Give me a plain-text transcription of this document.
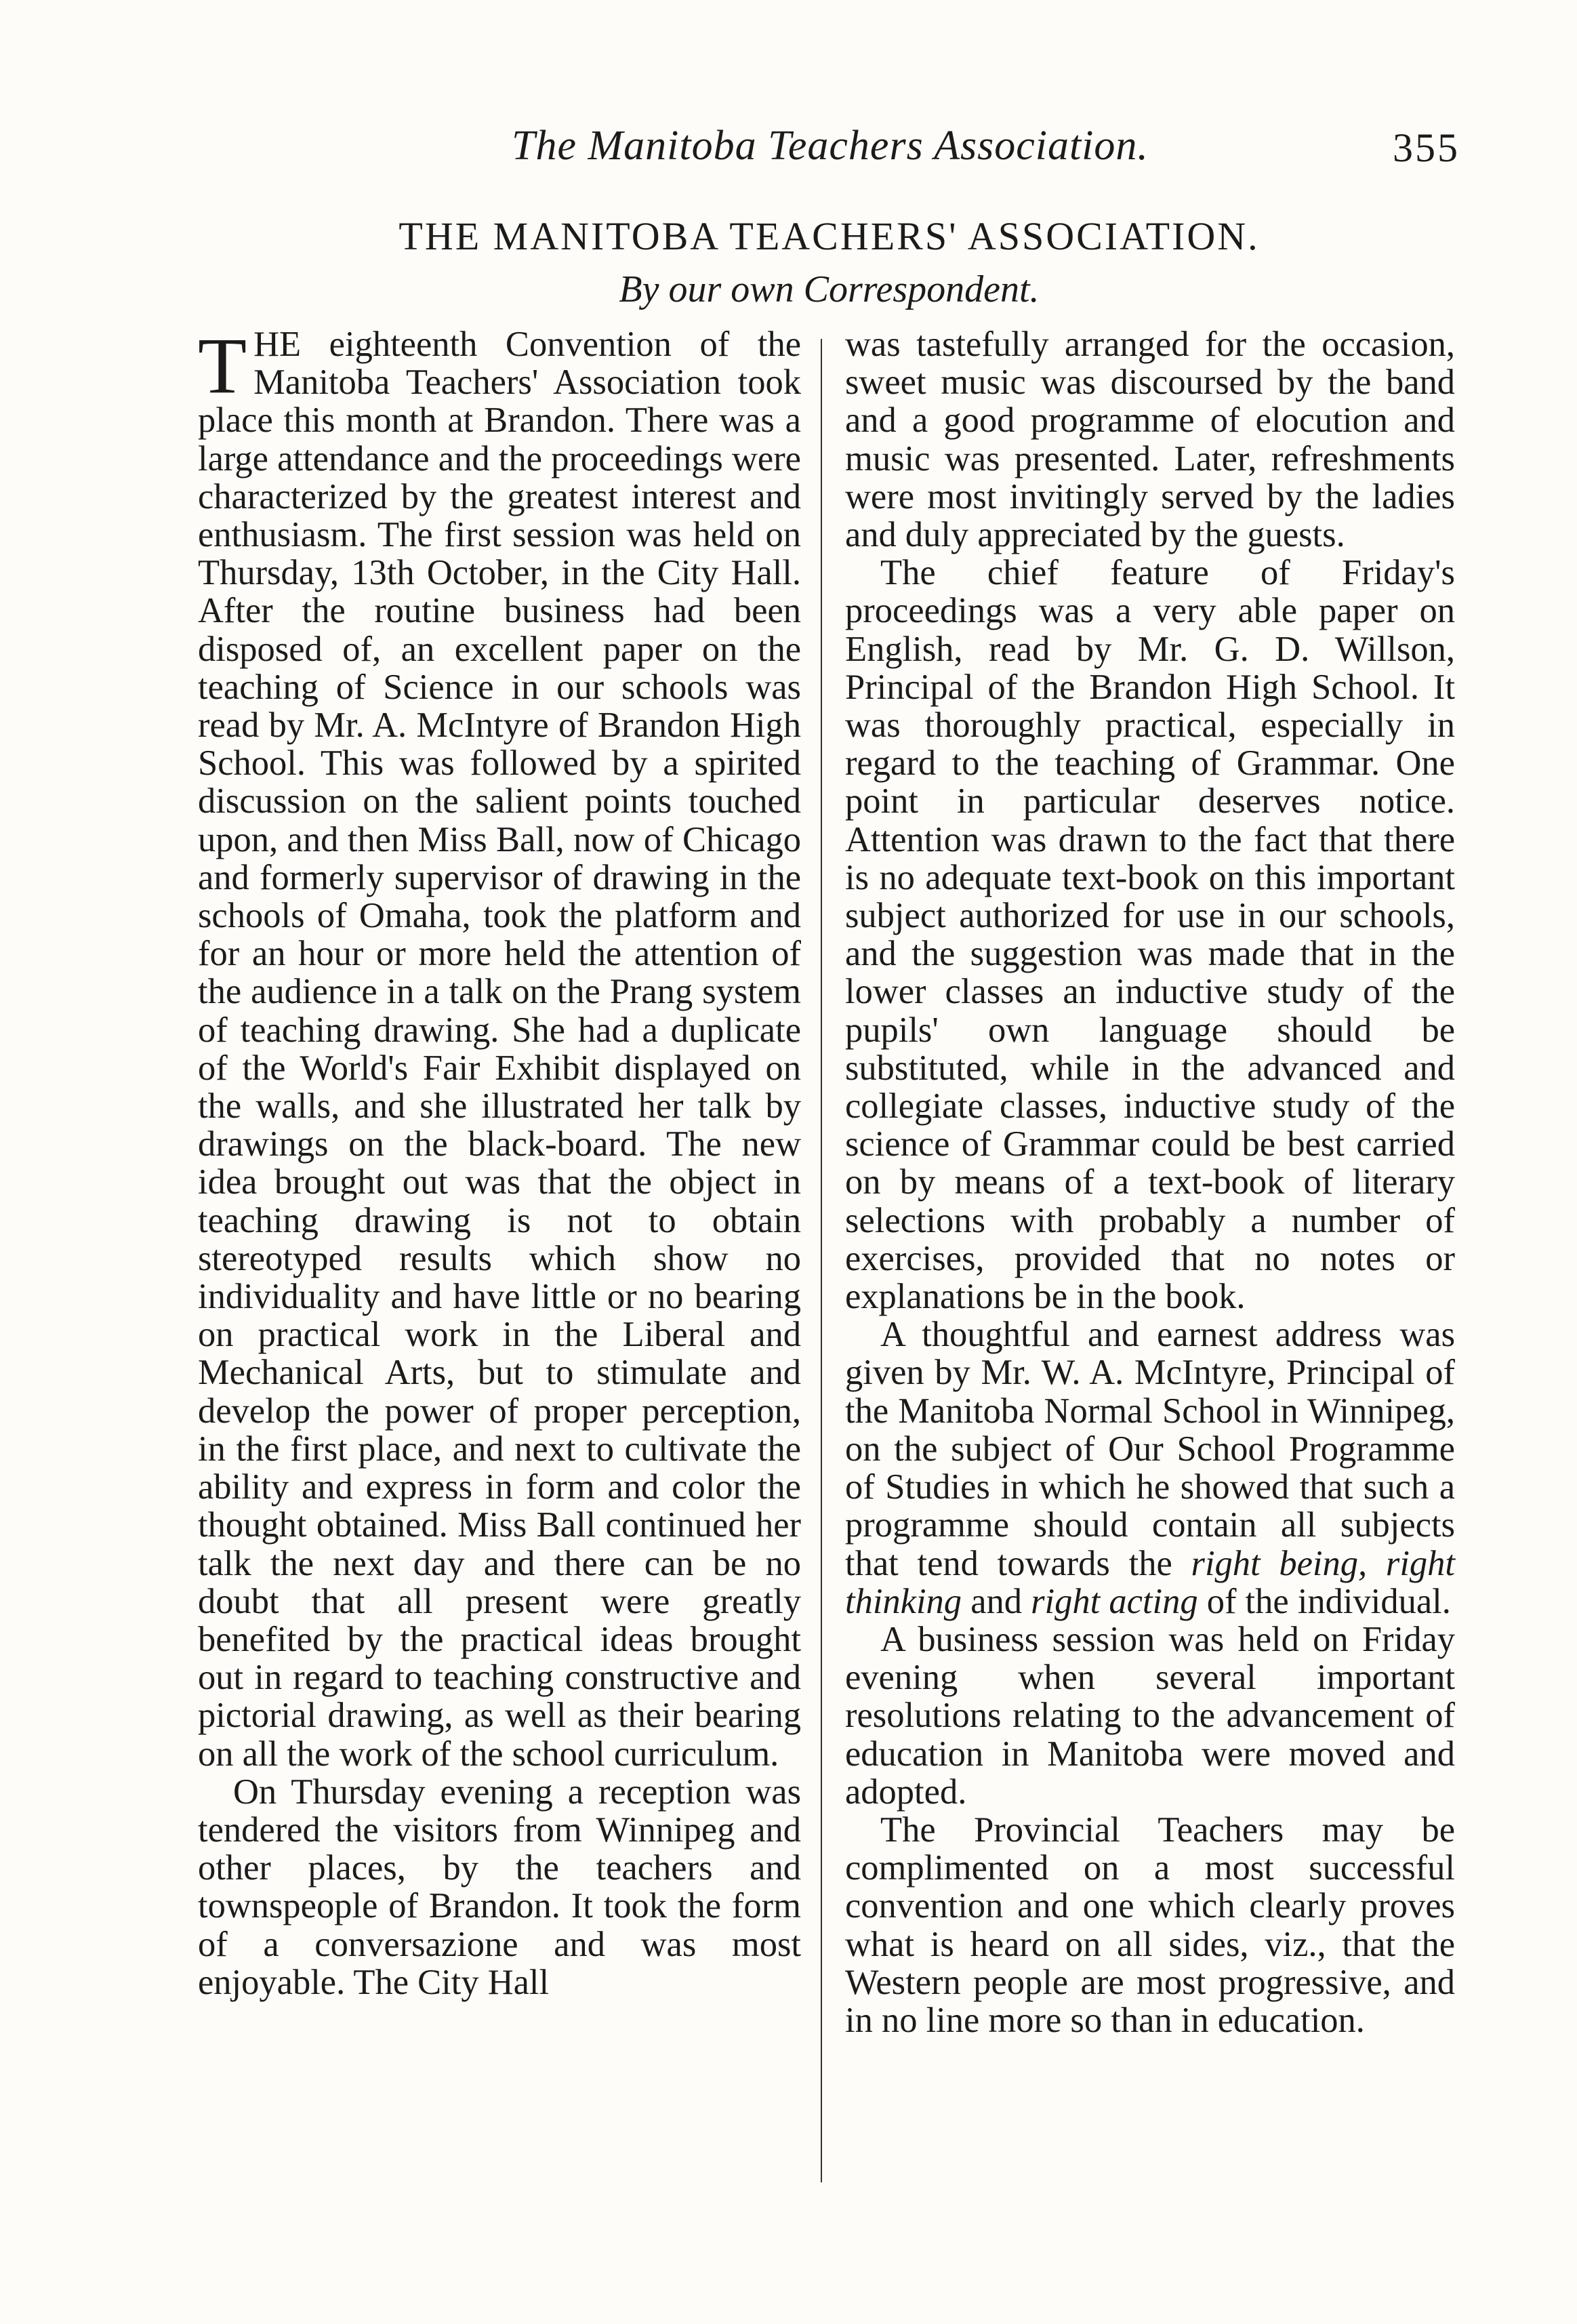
The Manitoba Teachers Association.	355
THE MANITOBA TEACHERS' ASSOCIATION.
By our own Correspondent.

THE eighteenth Convention of the Manitoba Teachers' Association took place this month at Brandon. There was a large attendance and the proceedings were characterized by the greatest interest and enthusiasm. The first session was held on Thursday, 13th October, in the City Hall. After the routine business had been disposed of, an excellent paper on the teaching of Science in our schools was read by Mr. A. McIntyre of Brandon High School. This was followed by a spirited discussion on the salient points touched upon, and then Miss Ball, now of Chicago and formerly supervisor of drawing in the schools of Omaha, took the platform and for an hour or more held the attention of the audience in a talk on the Prang system of teaching drawing. She had a duplicate of the World's Fair Exhibit displayed on the walls, and she illustrated her talk by drawings on the black-board. The new idea brought out was that the object in teaching drawing is not to obtain stereotyped results which show no individuality and have little or no bearing on practical work in the Liberal and Mechanical Arts, but to stimulate and develop the power of proper perception, in the first place, and next to cultivate the ability and express in form and color the thought obtained. Miss Ball continued her talk the next day and there can be no doubt that all present were greatly benefited by the practical ideas brought out in regard to teaching constructive and pictorial drawing, as well as their bearing on all the work of the school curriculum.

On Thursday evening a reception was tendered the visitors from Winnipeg and other places, by the teachers and townspeople of Brandon. It took the form of a conversazione and was most enjoyable. The City Hall

was tastefully arranged for the occasion, sweet music was discoursed by the band and a good programme of elocution and music was presented. Later, refreshments were most invitingly served by the ladies and duly appreciated by the guests.

The chief feature of Friday's proceedings was a very able paper on English, read by Mr. G. D. Willson, Principal of the Brandon High School. It was thoroughly practical, especially in regard to the teaching of Grammar. One point in particular deserves notice. Attention was drawn to the fact that there is no adequate text-book on this important subject authorized for use in our schools, and the suggestion was made that in the lower classes an inductive study of the pupils' own language should be substituted, while in the advanced and collegiate classes, inductive study of the science of Grammar could be best carried on by means of a text-book of literary selections with probably a number of exercises, provided that no notes or explanations be in the book.

A thoughtful and earnest address was given by Mr. W. A. McIntyre, Principal of the Manitoba Normal School in Winnipeg, on the subject of Our School Programme of Studies in which he showed that such a programme should contain all subjects that tend towards the right being, right thinking and right acting of the individual.

A business session was held on Friday evening when several important resolutions relating to the advancement of education in Manitoba were moved and adopted.

The Provincial Teachers may be complimented on a most successful convention and one which clearly proves what is heard on all sides, viz., that the Western people are most progressive, and in no line more so than in education.
